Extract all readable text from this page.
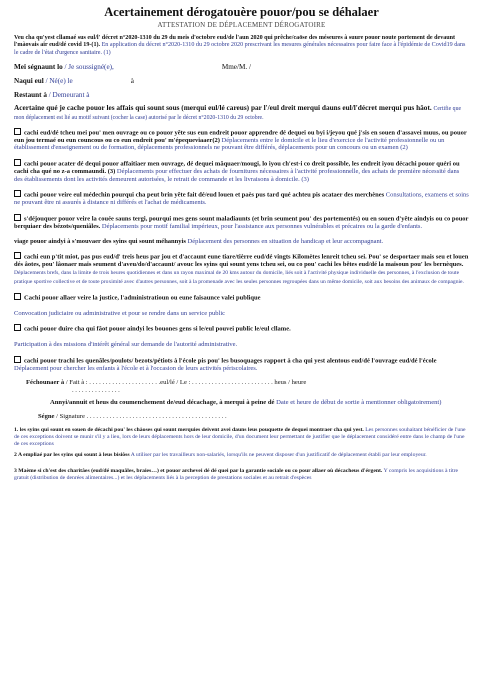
Acertainement dérogatouère pouor/pou se déhalaer
ATTESTATION DE DÉPLACEMENT DÉROGATOIRE

Veu cha qu'yest cllamaé sus eul/l' décret n°2020-1310 du 29 du meis d'octobre eud/de l'aun 2020 qui prêche/caöse des méseures à suure pouor noute portement de devaunt l'màovais air eud/dé covid 19-(1). En application du décret n°2020-1310 du 29 octobre 2020 prescrivant les mesures générales nécessaires pour faire face à l'épidémie de Covid19 dans le cadre de l'état d'urgence sanitaire. (1)

Mei ségnaunt lo / Je soussigné(e),	Mme/M. /

Naqui eul / Né(e) le	à

Restaunt à / Demeurant à

Acertaine qué je cache pouor les affais qui sount sous (merqui eul/lé careus) par l'/eul dreit merqui dauns eul/l'décret merqui pus hâot. Certifie que mon déplacement est lié au motif suivant (cocher la case) autorisé par le décret n°2020-1310 du 29 octobre.

cachi eud/dé tcheu mei pou' men ouvrage ou co pouor yête sus eun endreit pouor apprendre dé dequei ou byi i/jeyou qué j'sis en souen d'assavei muus, ou pouor eun jou termaé ou eun councous ou co eun endreit pou' m'épequeviaaer(2) Déplacements entre le domicile et le lieu d'exercice de l'activité professionnelle ou un établissement d'enseignement ou de formation, déplacements professionnels ne pouvant être différés, déplacements pour un concours ou un examen (2)

cachi pouor acater dé dequi pouor affaitiaer men ouvrage, dé dequei mâquaer/mougi, lo iyou ch'est-i co dreit possible, les endreit iyou décachi pouor quéri ou cachi cha qué no z-a commaundi. (3) Déplacements pour effectuer des achats de fournitures nécessaires à l'activité professionnelle, des achats de première nécessité dans des établissements dont les activités demeurent autorisées, le retrait de commande et les livraisons à domicile. (3)

cachi pouor veire eul médechin pourqui cha peut brin yête fait dé/eud louen et paès pus tard qué achteu pis acataer des merchènes Consultations, examens et soins ne pouvant être ni assurés à distance ni différés et l'achat de médicaments.

s'déjouquer pouor veire la couée sauns tergi, pourqui mes gens sount maladiaunts (et brin seument pou' des portementés) ou en souen d'yête aindyis ou co pouor berquiaer des bézots/queniâles. Déplacements pour motif familial impérieux, pour l'assistance aux personnes vulnérables et précaires ou la garde d'enfants.

viage pouor aindyi à s'mouvaer des syins qui sount méhannyis Déplacement des personnes en situation de handicap et leur accompagnant.

cachi eun p'tit miot, pas pus eud/d' treis heus par jou et d'accaunt eune tiare/tièrre eud/dé vingts Kilomètes lenreit tcheu sei. Pou' se desportaer mais seu et louen dés âotes, pou' lâonaer mais seument d'aveu/do/d'accaunt/ avouc les syins qui sount yens tcheu sei, ou co pou' cachi les bêtes eud/dé la maisoun pou' les bernèques. Déplacements brefs, dans la limite de trois heures quotidiennes et dans un rayon maximal de 20 kms autour du domicile, liés soit à l'activité physique individuelle des personnes, à l'exclusion de toute pratique sportive collective et de toute proximité avec d'autres personnes, soit à la promenade avec les seules personnes regroupées dans un même domicile, soit aux besoins des animaux de compagnie.

Cachi pouor allaer veire la justice, l'administratioun ou eune faisaunce valei publique

Convocation judiciaire ou administrative et pour se rendre dans un service public

cachi pouor duire cha qui fâot pouor aindyi les bouones gens si le/eul pouvei public le/eul cllame.

Participation à des missions d'intérêt général sur demande de l'autorité administrative.

cachi pouor trachi les quenâles/poulots/ bezots/pétiots à l'école pis pou' les busoquages rapport à cha qui yest alentous eud/dé l'ouvrage eud/dé l'école Déplacement pour chercher les enfants à l'école et à l'occasion de leurs activités périscolaires.

Féchounaer à / Fait à : . . . . . . . . . . . . . . . . . . . . . .eul/lé / Le : . . . . . . . . . . . . . . . . . . . . . . . . . heus / heure

. . . . . . . . . . . . . . .

Annyi/annuit et heus du coumenchement de/eud décachage, à merqui à peine dé Date et heure de début de sortie à mentionner obligatoirement)

Ségne / Signature . . . . . . . . . . . . . . . . . . . . . . . . . . . . . . . . . . . . . . . . . . .

1. les syins qui sount en souen de décachi pou' les chàoses qui sount merquies deivent avei dauns leus pouquette de dequei montraer cha qui yest. Les personnes souhaitant bénéficier de l'une de ces exceptions doivent se munir s'il y a lieu, lors de leurs déplacements hors de leur domicile, d'un document leur permettant de justifier que le déplacement considéré entre dans le champ de l'une de ces exceptions

2 A empliaé par les syins qui sount à leus bisiôss A utiliser par les travailleurs non-salariés, lorsqu'ils ne peuvent disposer d'un justificatif de déplacement établi par leur employeur.

3 Maème si ch'est des charitâes (eud/dé maquâles, braies…) et pouor archevei dé dé quei par la garantie sociale ou co pour allaer où décacheus d'érgent. Y compris les acquisitions à titre gratuit (distribution de denrées alimentaires...) et les déplacements liés à la perception de prestations sociales et au retrait d'espèces
